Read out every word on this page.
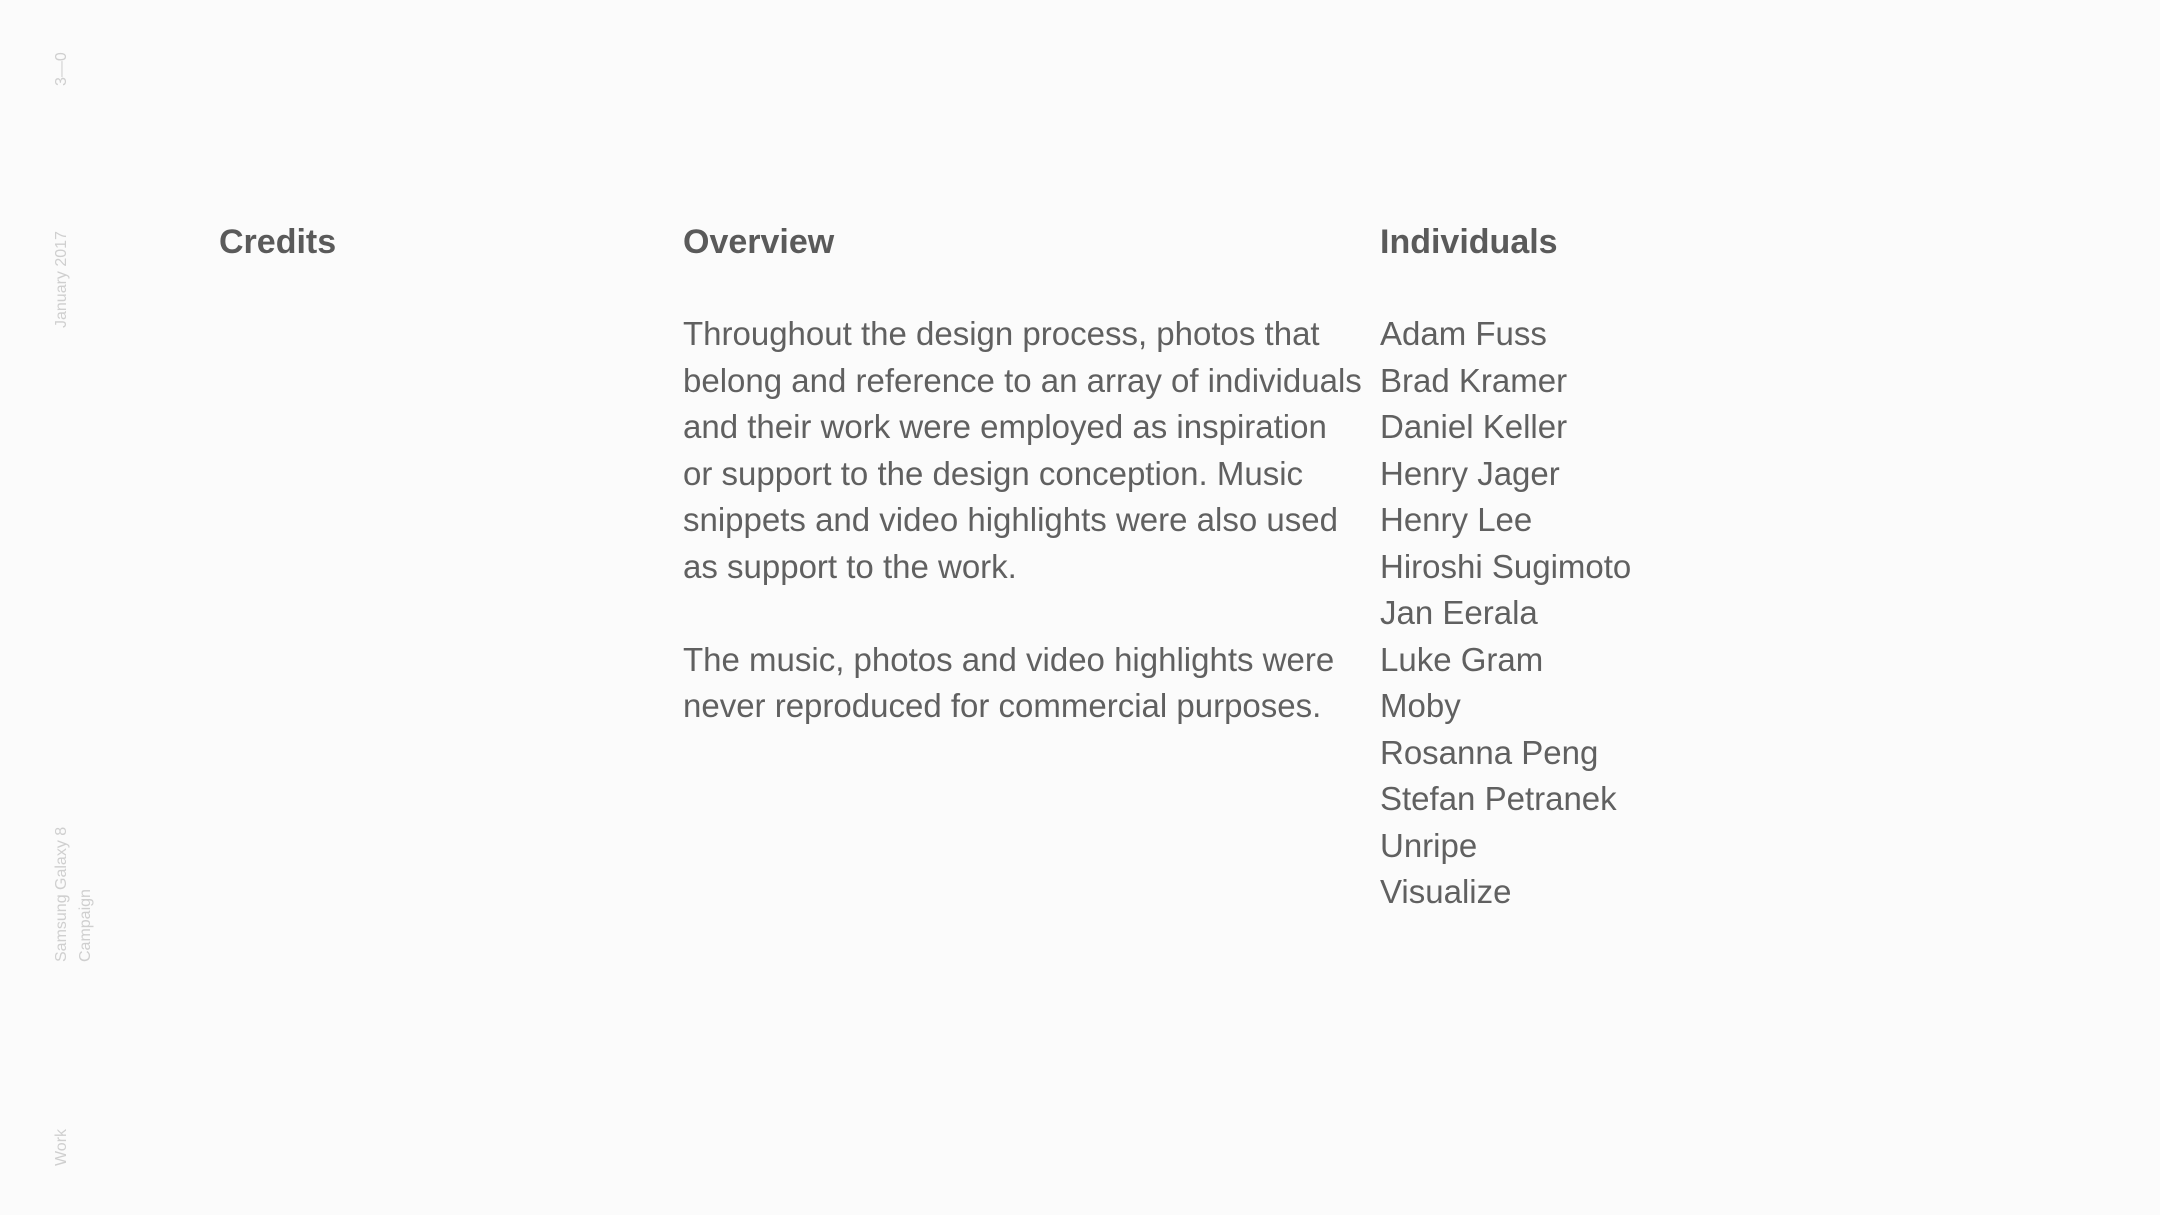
3—0
January 2017
Samsung Galaxy 8
Campaign
Work
Credits	Overview	Individuals

Throughout the design process, photos that belong and reference to an array of individuals and their work were employed as inspiration or support to the design conception. Music snippets and video highlights were also used as support to the work.

The music, photos and video highlights were never reproduced for commercial purposes.

Adam Fuss
Brad Kramer
Daniel Keller
Henry Jager
Henry Lee
Hiroshi Sugimoto
Jan Eerala
Luke Gram
Moby
Rosanna Peng
Stefan Petranek
Unripe
Visualize
